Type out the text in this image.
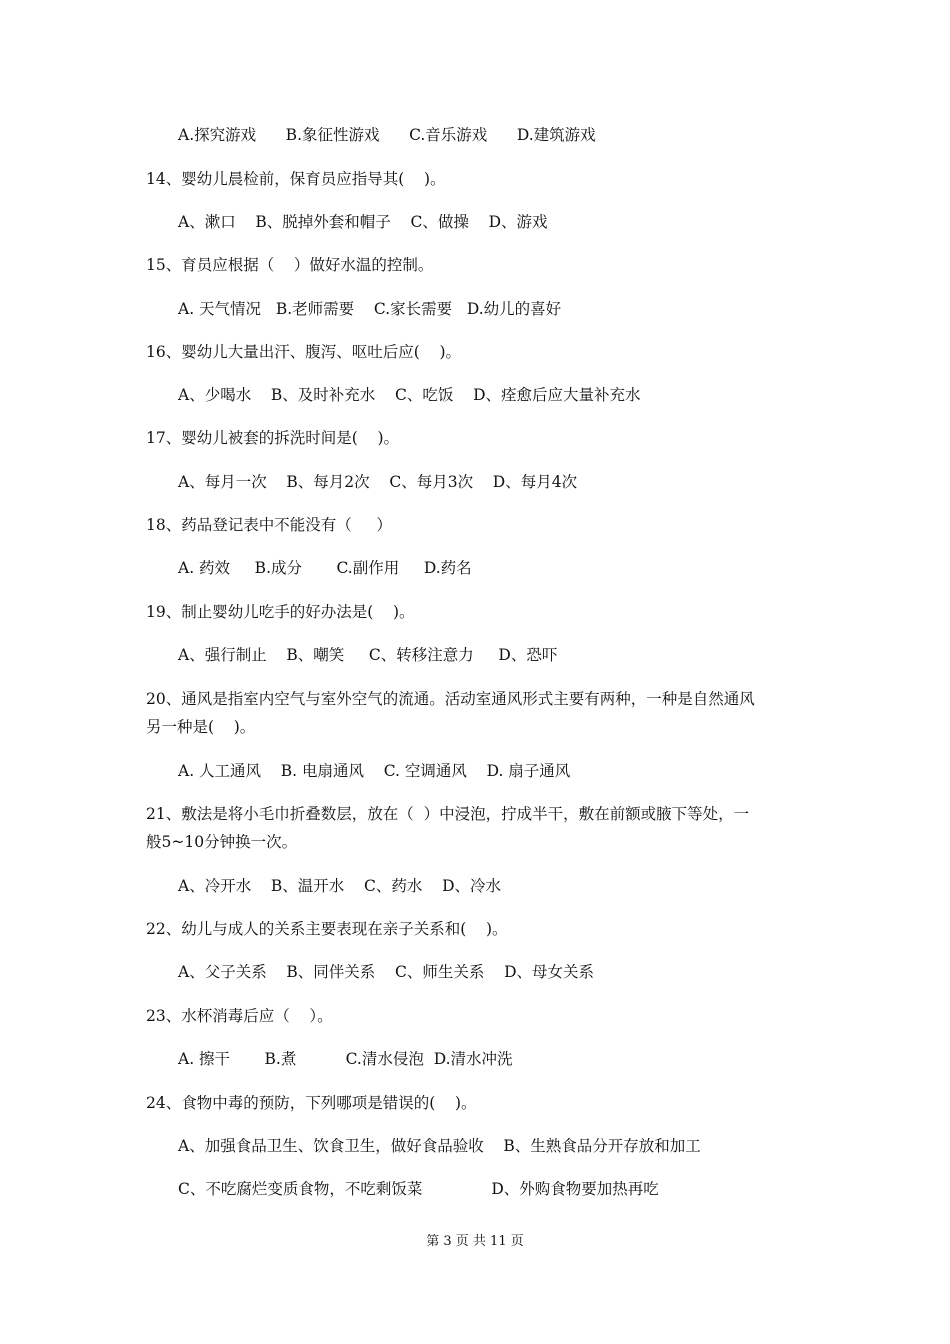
A.探究游戏      B.象征性游戏      C.音乐游戏      D.建筑游戏
14、婴幼儿晨检前，保育员应指导其(    )。
A、漱口    B、脱掉外套和帽子    C、做操    D、游戏
15、育员应根据（    ）做好水温的控制。
A. 天气情况   B.老师需要    C.家长需要   D.幼儿的喜好
16、婴幼儿大量出汗、腹泻、呕吐后应(    )。
A、少喝水    B、及时补充水    C、吃饭    D、痊愈后应大量补充水
17、婴幼儿被套的拆洗时间是(    )。
A、每月一次    B、每月2次    C、每月3次    D、每月4次
18、药品登记表中不能没有（     ）
A. 药效     B.成分       C.副作用     D.药名
19、制止婴幼儿吃手的好办法是(    )。
A、强行制止    B、嘲笑     C、转移注意力     D、恐吓
20、通风是指室内空气与室外空气的流通。活动室通风形式主要有两种，一种是自然通风
另一种是(    )。
A. 人工通风    B. 电扇通风    C. 空调通风    D. 扇子通风
21、敷法是将小毛巾折叠数层，放在（  ）中浸泡，拧成半干，敷在前额或腋下等处，一
般5~10分钟换一次。
A、冷开水    B、温开水    C、药水    D、冷水
22、幼儿与成人的关系主要表现在亲子关系和(    )。
A、父子关系    B、同伴关系    C、师生关系    D、母女关系
23、水杯消毒后应（    ）。
A. 擦干       B.煮          C.清水侵泡  D.清水冲洗
24、食物中毒的预防，下列哪项是错误的(    )。
A、加强食品卫生、饮食卫生，做好食品验收    B、生熟食品分开存放和加工
C、不吃腐烂变质食物，不吃剩饭菜              D、外购食物要加热再吃
第 3 页 共 11 页
